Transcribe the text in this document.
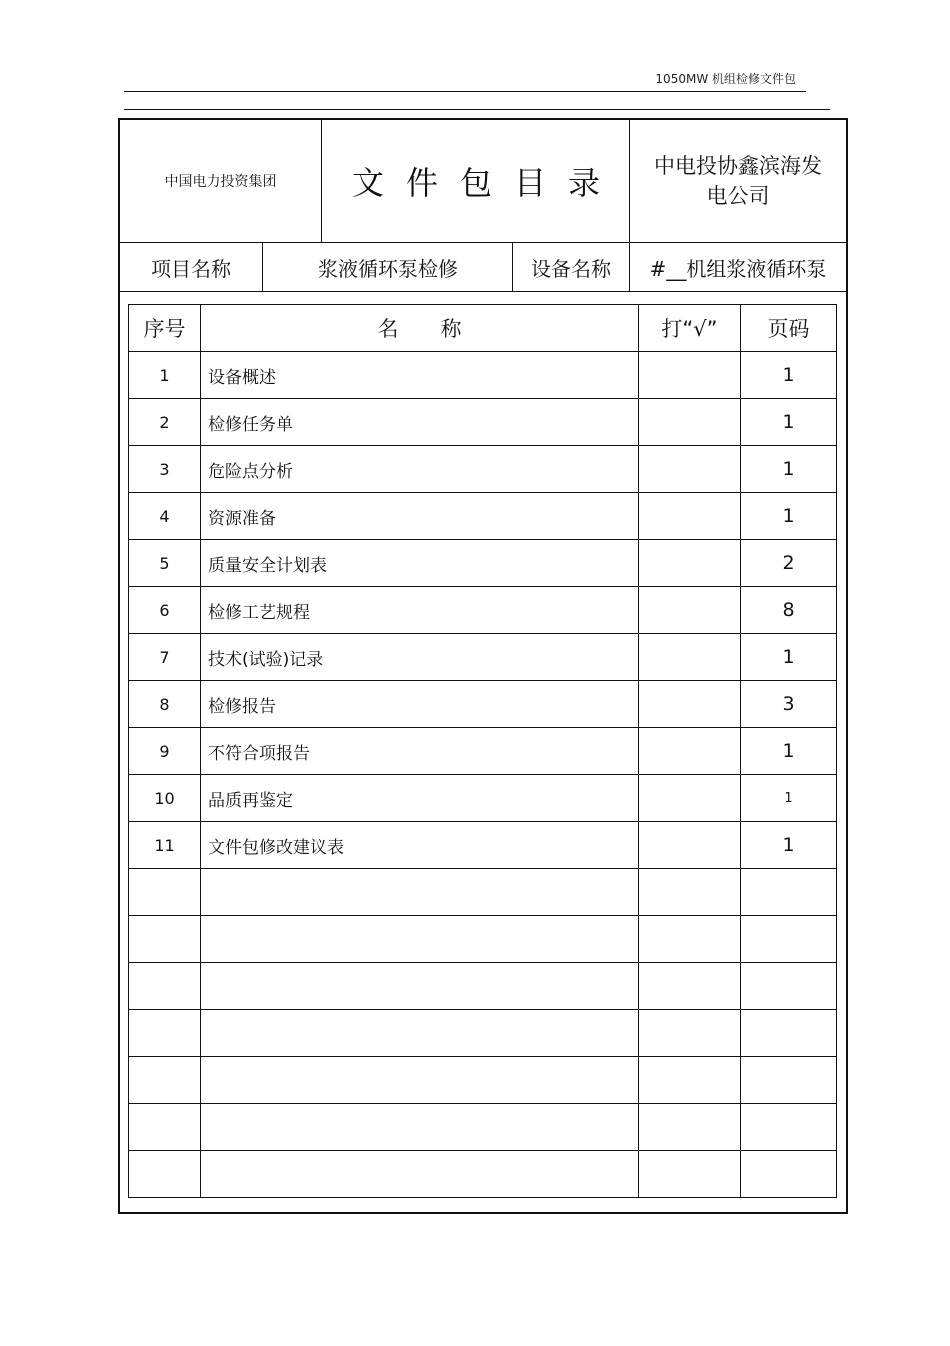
1050MW 机组检修文件包
中国电力投资集团	文件包目录	中电投协鑫滨海发
电公司
项目名称	浆液循环泵检修	设备名称	#__机组浆液循环泵
序号	名　　称	打“√”	页码
1	设备概述		1
2	检修任务单		1
3	危险点分析		1
4	资源准备		1
5	质量安全计划表		2
6	检修工艺规程		8
7	技术(试验)记录		1
8	检修报告		3
9	不符合项报告		1
10	品质再鉴定		1
11	文件包修改建议表		1
